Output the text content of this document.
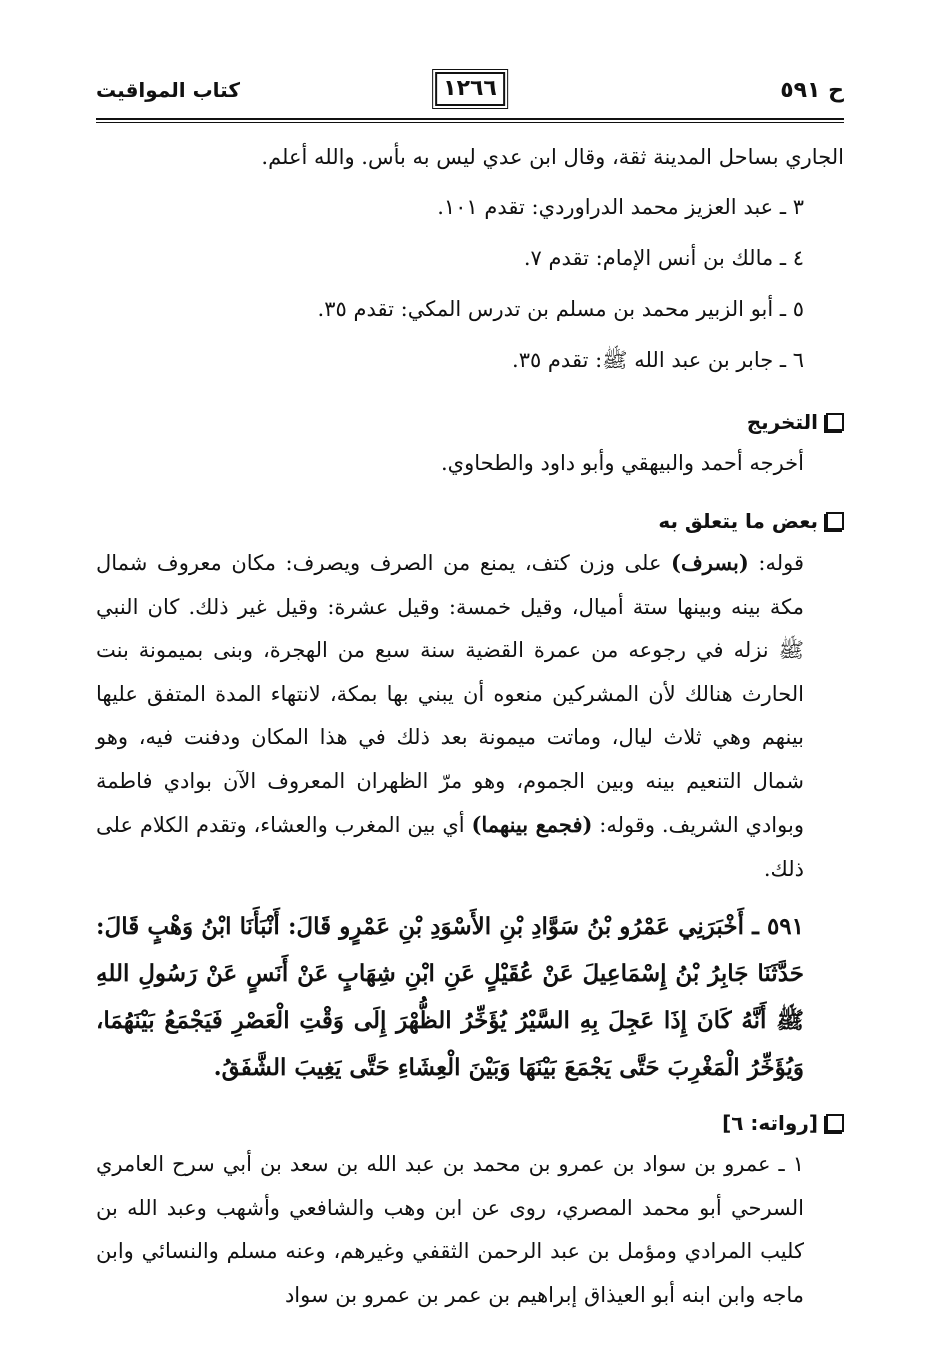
ح ٥٩١
١٢٦٦
كتاب المواقيت

الجاري بساحل المدينة ثقة، وقال ابن عدي ليس به بأس. والله أعلم.

٣ ـ عبد العزيز محمد الدراوردي: تقدم ١٠١.

٤ ـ مالك بن أنس الإمام: تقدم ٧.

٥ ـ أبو الزبير محمد بن مسلم بن تدرس المكي: تقدم ٣٥.

٦ ـ جابر بن عبد الله ﷺ: تقدم ٣٥.

التخريج

أخرجه أحمد والبيهقي وأبو داود والطحاوي.

بعض ما يتعلق به

قوله: (بسرف) على وزن كتف، يمنع من الصرف ويصرف: مكان معروف شمال مكة بينه وبينها ستة أميال، وقيل خمسة: وقيل عشرة: وقيل غير ذلك. كان النبي ﷺ نزله في رجوعه من عمرة القضية سنة سبع من الهجرة، وبنى بميمونة بنت الحارث هنالك لأن المشركين منعوه أن يبني بها بمكة، لانتهاء المدة المتفق عليها بينهم وهي ثلاث ليال، وماتت ميمونة بعد ذلك في هذا المكان ودفنت فيه، وهو شمال التنعيم بينه وبين الجموم، وهو مرّ الظهران المعروف الآن بوادي فاطمة وبوادي الشريف. وقوله: (فجمع بينهما) أي بين المغرب والعشاء، وتقدم الكلام على ذلك.

٥٩١ ـ أَخْبَرَنِي عَمْرُو بْنُ سَوَّادِ بْنِ الأَسْوَدِ بْنِ عَمْرٍو قَالَ: أَنْبَأَنَا ابْنُ وَهْبٍ قَالَ: حَدَّثَنَا جَابِرُ بْنُ إِسْمَاعِيلَ عَنْ عُقَيْلٍ عَنِ ابْنِ شِهَابٍ عَنْ أَنَسٍ عَنْ رَسُولِ اللهِ ﷺ أَنَّهُ كَانَ إِذَا عَجِلَ بِهِ السَّيْرُ يُؤَخِّرُ الظُّهْرَ إِلَى وَقْتِ الْعَصْرِ فَيَجْمَعُ بَيْنَهُمَا، وَيُؤَخِّرُ الْمَغْرِبَ حَتَّى يَجْمَعَ بَيْنَهَا وَبَيْنَ الْعِشَاءِ حَتَّى يَغِيبَ الشَّفَقُ.

[رواته: ٦]

١ ـ عمرو بن سواد بن عمرو بن محمد بن عبد الله بن سعد بن أبي سرح العامري السرحي أبو محمد المصري، روى عن ابن وهب والشافعي وأشهب وعبد الله بن كليب المرادي ومؤمل بن عبد الرحمن الثقفي وغيرهم، وعنه مسلم والنسائي وابن ماجه وابن ابنه أبو العيذاق إبراهيم بن عمر بن عمرو بن سواد
